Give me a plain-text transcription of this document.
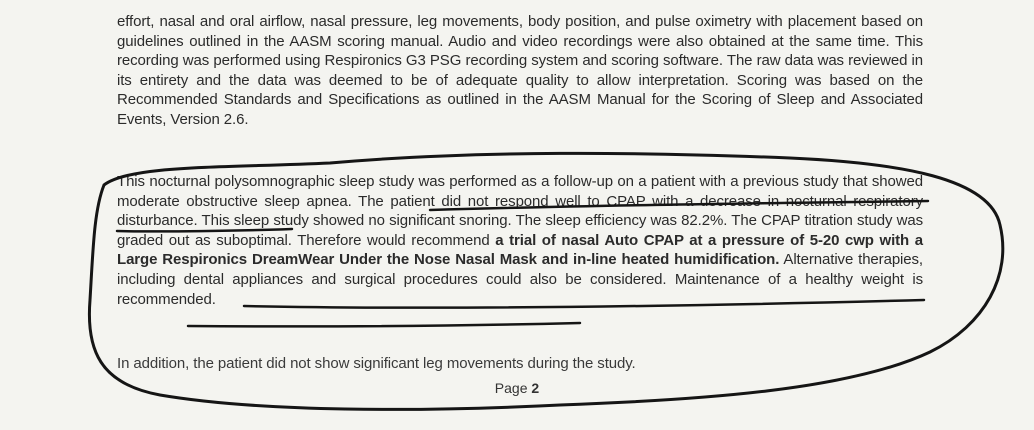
effort, nasal and oral airflow, nasal pressure, leg movements, body position, and pulse oximetry with placement based on guidelines outlined in the AASM scoring manual. Audio and video recordings were also obtained at the same time. This recording was performed using Respironics G3 PSG recording system and scoring software. The raw data was reviewed in its entirety and the data was deemed to be of adequate quality to allow interpretation. Scoring was based on the Recommended Standards and Specifications as outlined in the AASM Manual for the Scoring of Sleep and Associated Events, Version 2.6.

This nocturnal polysomnographic sleep study was performed as a follow-up on a patient with a previous study that showed moderate obstructive sleep apnea. The patient did not respond well to CPAP with a decrease in nocturnal respiratory disturbance. This sleep study showed no significant snoring. The sleep efficiency was 82.2%. The CPAP titration study was graded out as suboptimal. Therefore would recommend a trial of nasal Auto CPAP at a pressure of 5-20 cwp with a Large Respironics DreamWear Under the Nose Nasal Mask and in-line heated humidification. Alternative therapies, including dental appliances and surgical procedures could also be considered. Maintenance of a healthy weight is recommended.

In addition, the patient did not show significant leg movements during the study.

Page 2
